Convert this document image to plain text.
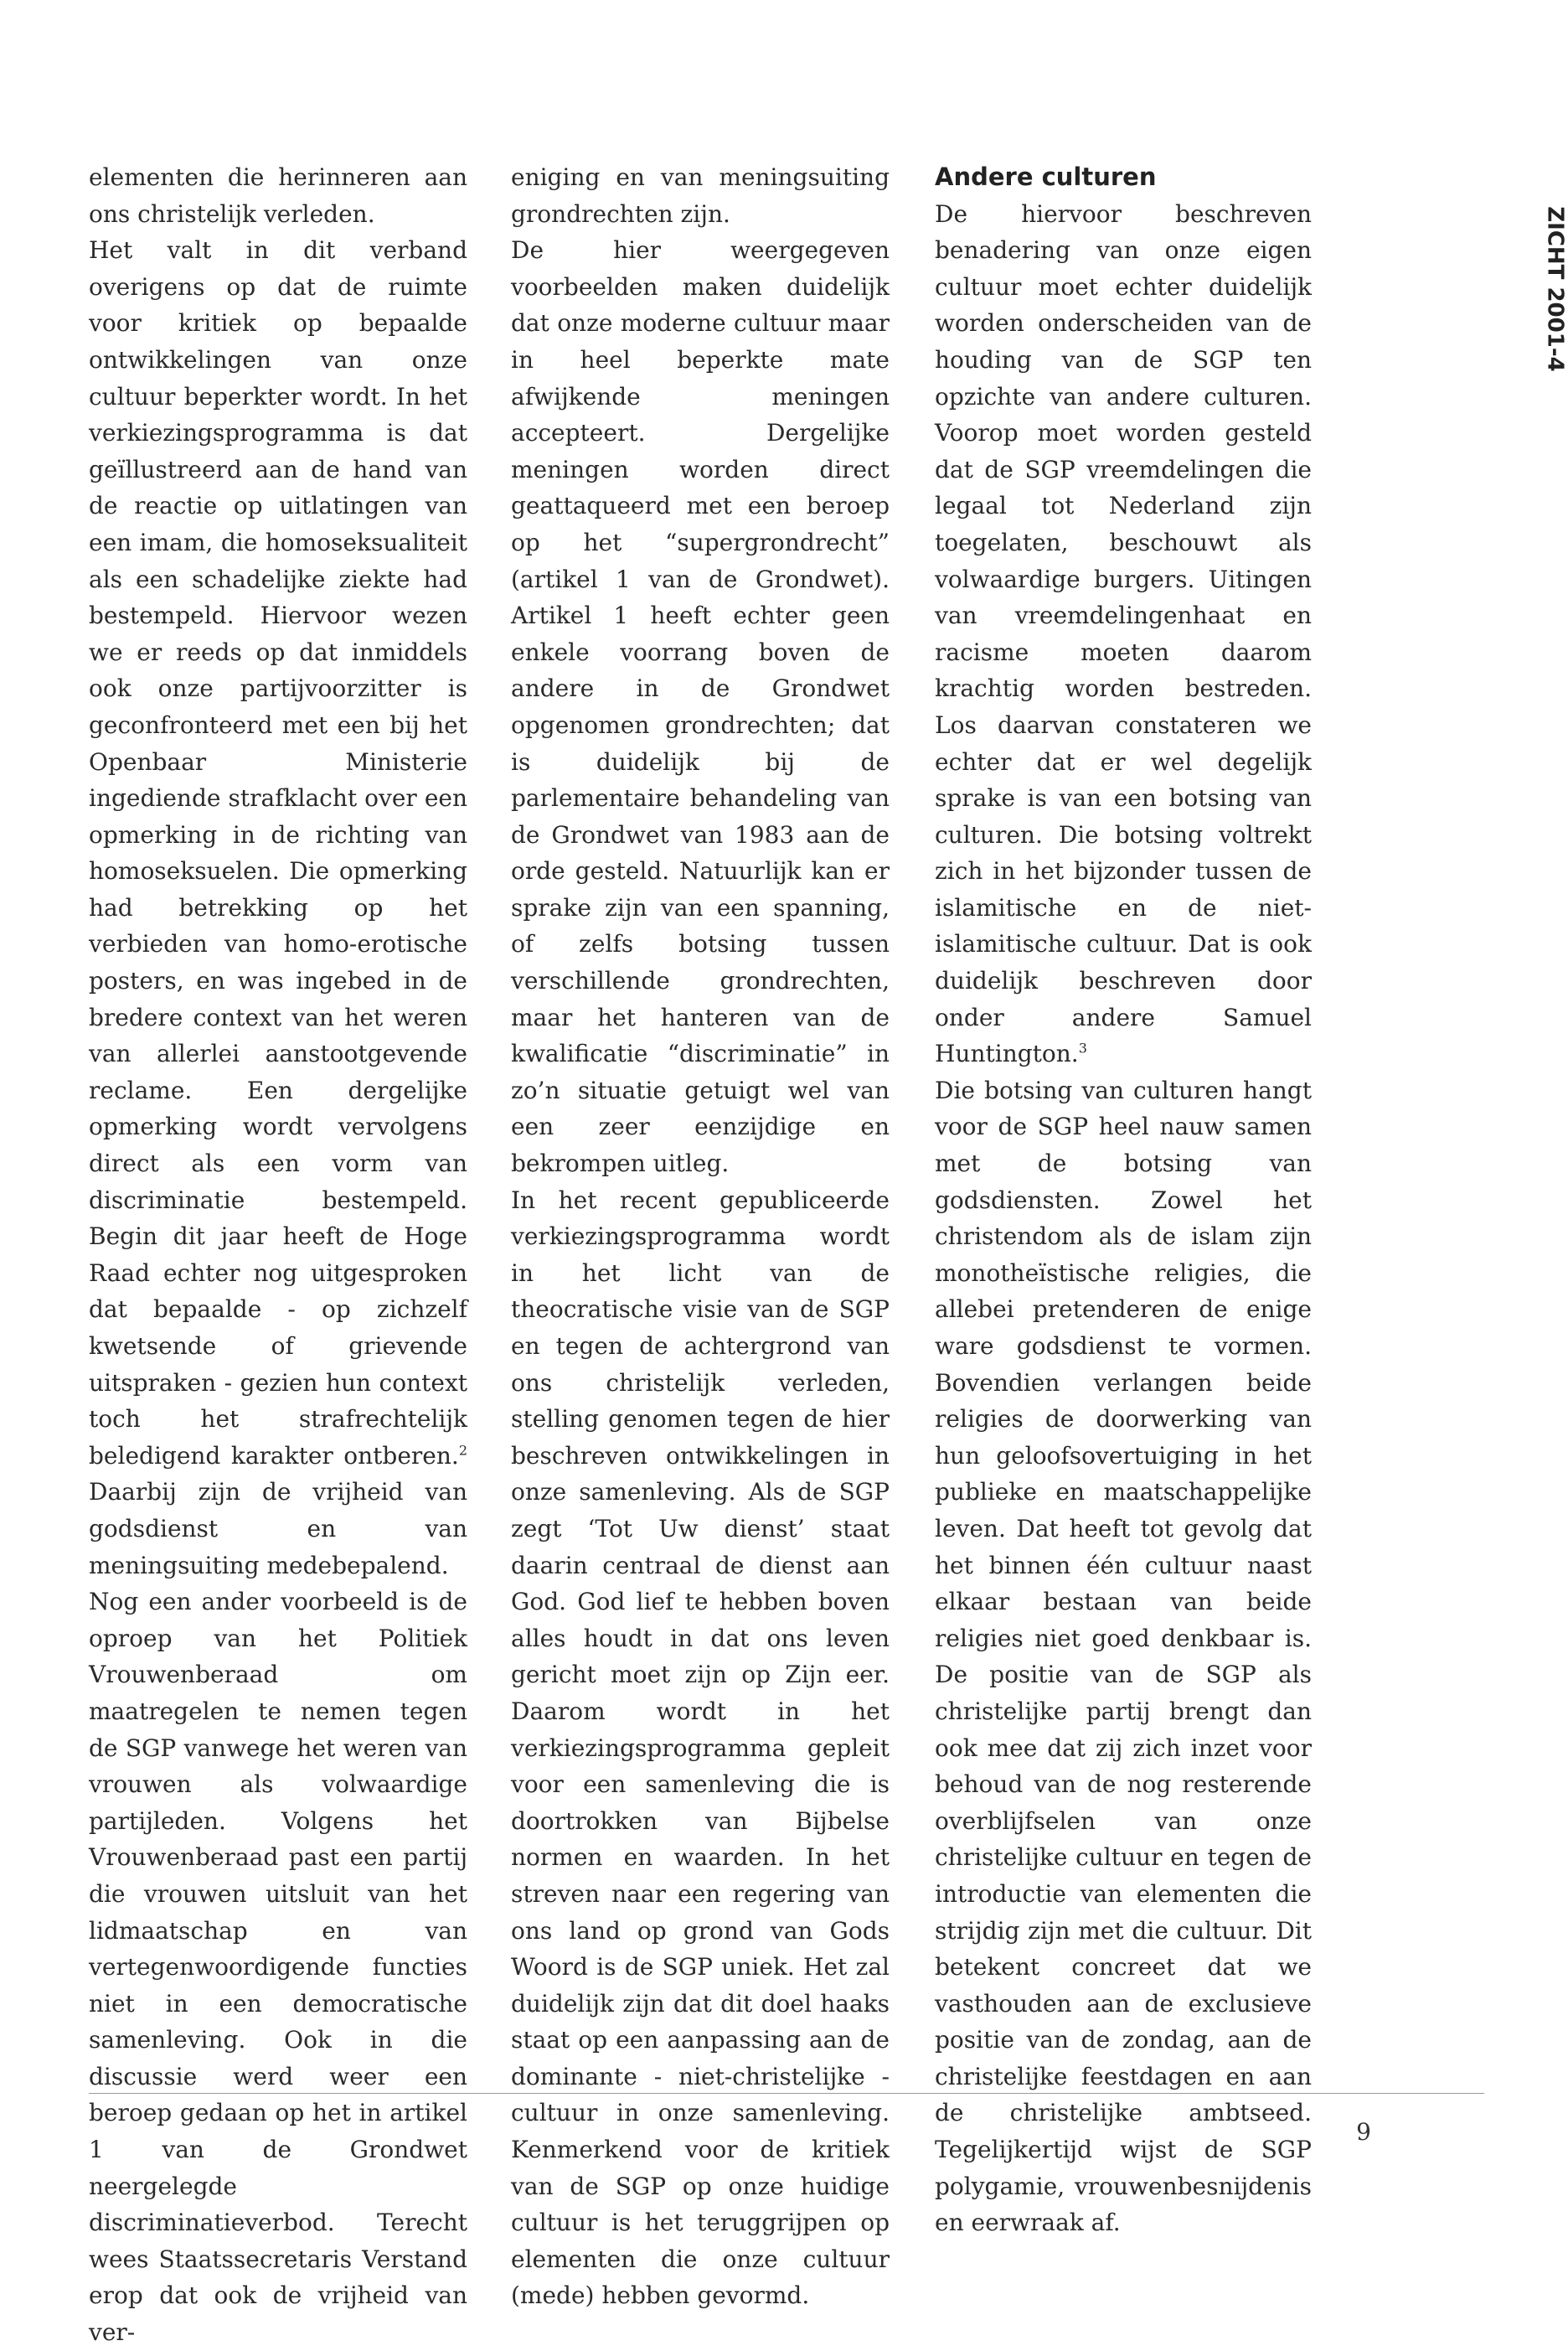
elementen die herinneren aan ons christelijk verleden.

Het valt in dit verband overigens op dat de ruimte voor kritiek op bepaalde ontwikkelingen van onze cultuur beperkter wordt. In het verkiezingsprogramma is dat geïllustreerd aan de hand van de reactie op uitlatingen van een imam, die homoseksualiteit als een schadelijke ziekte had bestempeld. Hiervoor wezen we er reeds op dat inmiddels ook onze partijvoorzitter is geconfronteerd met een bij het Openbaar Ministerie ingediende strafklacht over een opmerking in de richting van homoseksuelen. Die opmerking had betrekking op het verbieden van homo-erotische posters, en was ingebed in de bredere context van het weren van allerlei aanstootgevende reclame. Een dergelijke opmerking wordt vervolgens direct als een vorm van discriminatie bestempeld. Begin dit jaar heeft de Hoge Raad echter nog uitgesproken dat bepaalde - op zichzelf kwetsende of grievende uitspraken - gezien hun context toch het strafrechtelijk beledigend karakter ontberen.$^2$ Daarbij zijn de vrijheid van godsdienst en van meningsuiting medebepalend.

Nog een ander voorbeeld is de oproep van het Politiek Vrouwenberaad om maatregelen te nemen tegen de SGP vanwege het weren van vrouwen als volwaardige partijleden. Volgens het Vrouwenberaad past een partij die vrouwen uitsluit van het lidmaatschap en van vertegenwoordigende functies niet in een democratische samenleving. Ook in die discussie werd weer een beroep gedaan op het in artikel 1 van de Grondwet neergelegde discriminatieverbod. Terecht wees Staatssecretaris Verstand erop dat ook de vrijheid van ver-

eniging en van meningsuiting grondrechten zijn.

De hier weergegeven voorbeelden maken duidelijk dat onze moderne cultuur maar in heel beperkte mate afwijkende meningen accepteert. Dergelijke meningen worden direct geattaqueerd met een beroep op het “supergrondrecht” (artikel 1 van de Grondwet). Artikel 1 heeft echter geen enkele voorrang boven de andere in de Grondwet opgenomen grondrechten; dat is duidelijk bij de parlementaire behandeling van de Grondwet van 1983 aan de orde gesteld. Natuurlijk kan er sprake zijn van een spanning, of zelfs botsing tussen verschillende grondrechten, maar het hanteren van de kwalificatie “discriminatie” in zo’n situatie getuigt wel van een zeer eenzijdige en bekrompen uitleg.

In het recent gepubliceerde verkiezingsprogramma wordt in het licht van de theocratische visie van de SGP en tegen de achtergrond van ons christelijk verleden, stelling genomen tegen de hier beschreven ontwikkelingen in onze samenleving. Als de SGP zegt ‘Tot Uw dienst’ staat daarin centraal de dienst aan God. God lief te hebben boven alles houdt in dat ons leven gericht moet zijn op Zijn eer. Daarom wordt in het verkiezingsprogramma gepleit voor een samenleving die is doortrokken van Bijbelse normen en waarden. In het streven naar een regering van ons land op grond van Gods Woord is de SGP uniek. Het zal duidelijk zijn dat dit doel haaks staat op een aanpassing aan de dominante - niet-christelijke - cultuur in onze samenleving. Kenmerkend voor de kritiek van de SGP op onze huidige cultuur is het teruggrijpen op elementen die onze cultuur (mede) hebben gevormd.

Andere culturen

De hiervoor beschreven benadering van onze eigen cultuur moet echter duidelijk worden onderscheiden van de houding van de SGP ten opzichte van andere culturen. Voorop moet worden gesteld dat de SGP vreemdelingen die legaal tot Nederland zijn toegelaten, beschouwt als volwaardige burgers. Uitingen van vreemdelingenhaat en racisme moeten daarom krachtig worden bestreden. Los daarvan constateren we echter dat er wel degelijk sprake is van een botsing van culturen. Die botsing voltrekt zich in het bijzonder tussen de islamitische en de niet-islamitische cultuur. Dat is ook duidelijk beschreven door onder andere Samuel Huntington.$^3$

Die botsing van culturen hangt voor de SGP heel nauw samen met de botsing van godsdiensten. Zowel het christendom als de islam zijn monotheïstische religies, die allebei pretenderen de enige ware godsdienst te vormen. Bovendien verlangen beide religies de doorwerking van hun geloofsovertuiging in het publieke en maatschappelijke leven. Dat heeft tot gevolg dat het binnen één cultuur naast elkaar bestaan van beide religies niet goed denkbaar is. De positie van de SGP als christelijke partij brengt dan ook mee dat zij zich inzet voor behoud van de nog resterende overblijfselen van onze christelijke cultuur en tegen de introductie van elementen die strijdig zijn met die cultuur. Dit betekent concreet dat we vasthouden aan de exclusieve positie van de zondag, aan de christelijke feestdagen en aan de christelijke ambtseed. Tegelijkertijd wijst de SGP polygamie, vrouwenbesnijdenis en eerwraak af.

ZICHT 2001-4
9
